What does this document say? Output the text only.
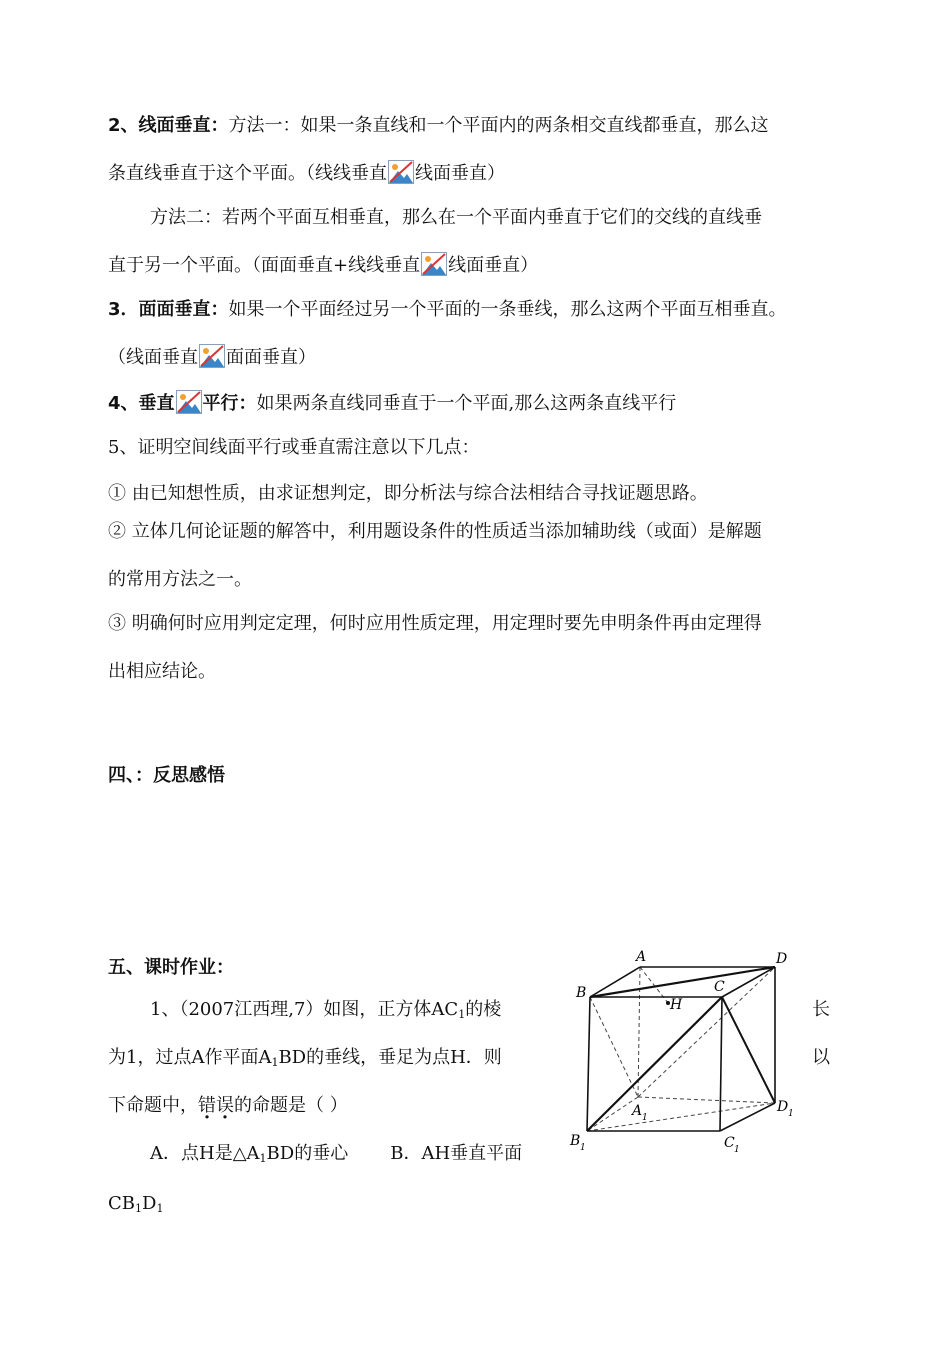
2、线面垂直：方法一：如果一条直线和一个平面内的两条相交直线都垂直，那么这
条直线垂直于这个平面。（线线垂直 线面垂直）
方法二：若两个平面互相垂直，那么在一个平面内垂直于它们的交线的直线垂
直于另一个平面。（面面垂直+线线垂直 线面垂直）
3．面面垂直：如果一个平面经过另一个平面的一条垂线，那么这两个平面互相垂直。
（线面垂直 面面垂直）
4、垂直 平行：如果两条直线同垂直于一个平面,那么这两条直线平行
5、证明空间线面平行或垂直需注意以下几点：
① 由已知想性质，由求证想判定，即分析法与综合法相结合寻找证题思路。
② 立体几何论证题的解答中，利用题设条件的性质适当添加辅助线（或面）是解题
的常用方法之一。
③ 明确何时应用判定定理，何时应用性质定理，用定理时要先申明条件再由定理得
出相应结论。
四、：反思感悟
五、课时作业：
1、（2007江西理,7）如图，正方体$AC_1$的棱	长
为1，过点A作平面$A_1BD$的垂线，垂足为点H．则	以
下命题中，错误的命题是（ ）
A．点H是$\triangle A_1BD$的垂心 B．AH垂直平面
$CB_1D_1$
A	D
B	C
H
A 1
D 1
B 1	C 1
